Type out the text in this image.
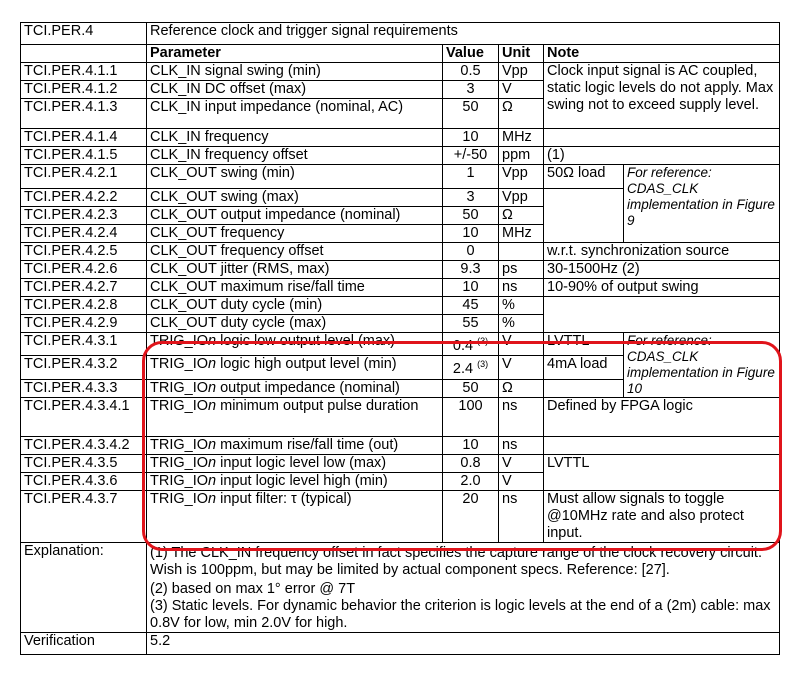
TCI.PER.4	Reference clock and trigger signal requirements				
	Parameter	Value	Unit	Note	
TCI.PER.4.1.1	CLK_IN signal swing (min)	0.5	Vpp	Clock input signal is AC coupled, static logic levels do not apply. Max swing not to exceed supply level.	
TCI.PER.4.1.2	CLK_IN DC offset (max)	3	V		
TCI.PER.4.1.3	CLK_IN input impedance (nominal, AC)	50	Ω		
TCI.PER.4.1.4	CLK_IN frequency	10	MHz		
TCI.PER.4.1.5	CLK_IN frequency offset	+/-50	ppm	(1)	
TCI.PER.4.2.1	CLK_OUT swing (min)	1	Vpp	50Ω load	For reference: CDAS_CLK implementation in Figure 9
TCI.PER.4.2.2	CLK_OUT swing (max)	3	Vpp		
TCI.PER.4.2.3	CLK_OUT output impedance (nominal)	50	Ω		
TCI.PER.4.2.4	CLK_OUT frequency	10	MHz		
TCI.PER.4.2.5	CLK_OUT frequency offset	0		w.r.t. synchronization source	
TCI.PER.4.2.6	CLK_OUT jitter (RMS, max)	9.3	ps	30-1500Hz (2)	
TCI.PER.4.2.7	CLK_OUT maximum rise/fall time	10	ns	10-90% of output swing	
TCI.PER.4.2.8	CLK_OUT duty cycle (min)	45	%		
TCI.PER.4.2.9	CLK_OUT duty cycle (max)	55	%		
TCI.PER.4.3.1	TRIG_IOn logic low output level (max)	0.4 $^{(3)}$	V	LVTTL	For reference: CDAS_CLK implementation in Figure 10
TCI.PER.4.3.2	TRIG_IOn logic high output level (min)	2.4 $^{(3)}$	V	4mA load	
TCI.PER.4.3.3	TRIG_IOn output impedance (nominal)	50	Ω		
TCI.PER.4.3.4.1	TRIG_IOn minimum output pulse duration	100	ns	Defined by FPGA logic	
TCI.PER.4.3.4.2	TRIG_IOn maximum rise/fall time (out)	10	ns		
TCI.PER.4.3.5	TRIG_IOn input logic level low (max)	0.8	V	LVTTL	
TCI.PER.4.3.6	TRIG_IOn input logic level high (min)	2.0	V		
TCI.PER.4.3.7	TRIG_IOn input filter: τ (typical)	20	ns	Must allow signals to toggle @10MHz rate and also protect input.	
Explanation:	(1) The CLK_IN frequency offset in fact specifies the capture range of the clock recovery circuit. Wish is 100ppm, but may be limited by actual component specs. Reference: [27].
(2) based on max 1° error @ 7T
(3) Static levels. For dynamic behavior the criterion is logic levels at the end of a (2m) cable: max 0.8V for low, min 2.0V for high.				
Verification	5.2				
